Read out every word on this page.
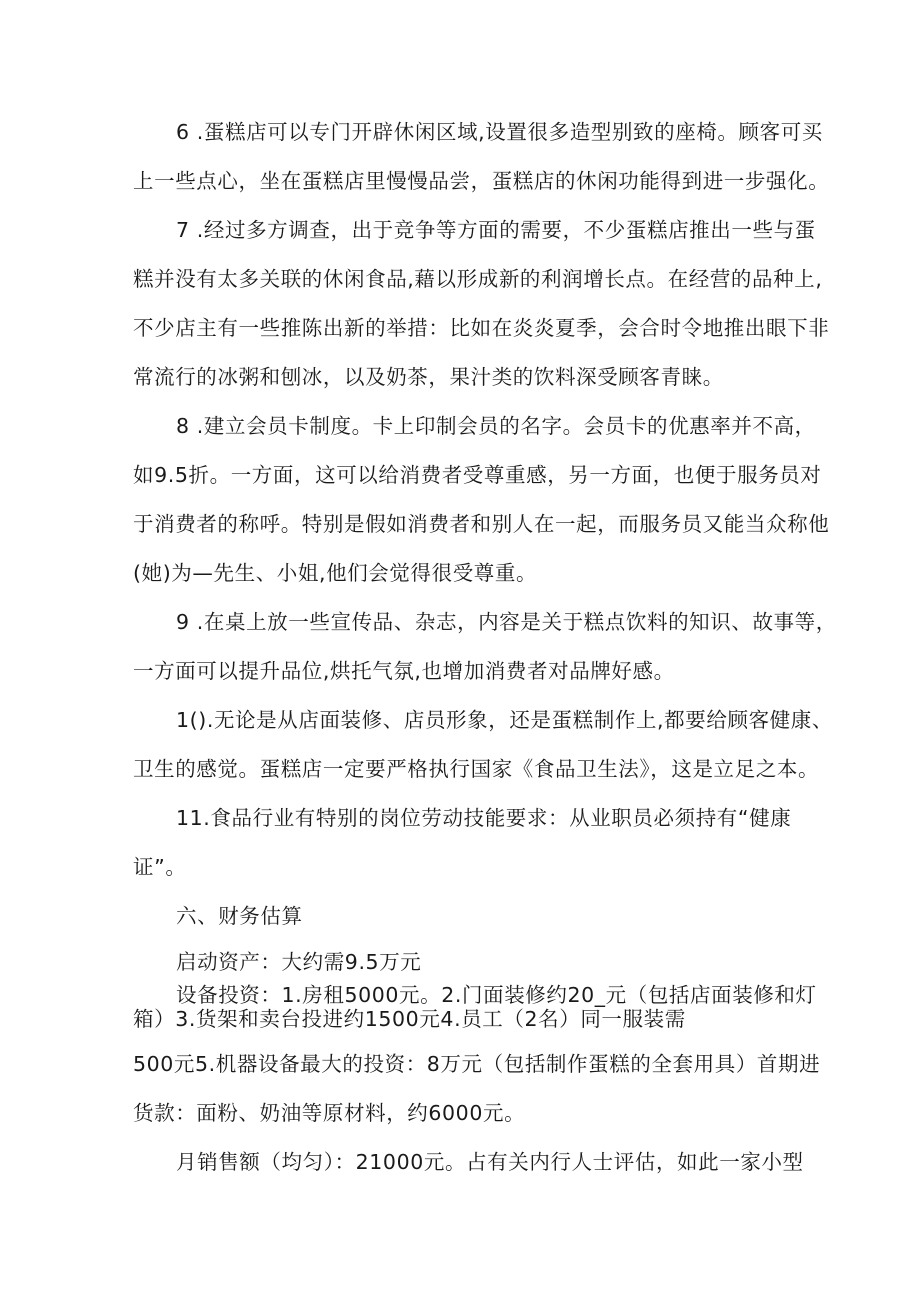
6 .蛋糕店可以专门开辟休闲区域,设置很多造型别致的座椅。顾客可买
上一些点心，坐在蛋糕店里慢慢品尝，蛋糕店的休闲功能得到进一步强化。
7 .经过多方调查，出于竞争等方面的需要，不少蛋糕店推出一些与蛋
糕并没有太多关联的休闲食品,藉以形成新的利润增长点。在经营的品种上,
不少店主有一些推陈出新的举措：比如在炎炎夏季，会合时令地推出眼下非
常流行的冰粥和刨冰，以及奶茶，果汁类的饮料深受顾客青睐。
8 .建立会员卡制度。卡上印制会员的名字。会员卡的优惠率并不高，
如9.5折。一方面，这可以给消费者受尊重感，另一方面，也便于服务员对
于消费者的称呼。特别是假如消费者和别人在一起，而服务员又能当众称他
(她)为—先生、小姐,他们会觉得很受尊重。
9 .在桌上放一些宣传品、杂志，内容是关于糕点饮料的知识、故事等，
一方面可以提升品位,烘托气氛,也增加消费者对品牌好感。
1().无论是从店面装修、店员形象，还是蛋糕制作上,都要给顾客健康、
卫生的感觉。蛋糕店一定要严格执行国家《食品卫生法》，这是立足之本。
11.食品行业有特别的岗位劳动技能要求：从业职员必须持有“健康
证”。
六、财务估算
启动资产：大约需9.5万元
设备投资：1.房租5000元。2.门面装修约20_元（包括店面装修和灯
箱）3.货架和卖台投进约1500元4.员工（2名）同一服装需
500元5.机器设备最大的投资：8万元（包括制作蛋糕的全套用具）首期进
货款：面粉、奶油等原材料，约6000元。
月销售额（均匀）：21000元。占有关内行人士评估，如此一家小型
